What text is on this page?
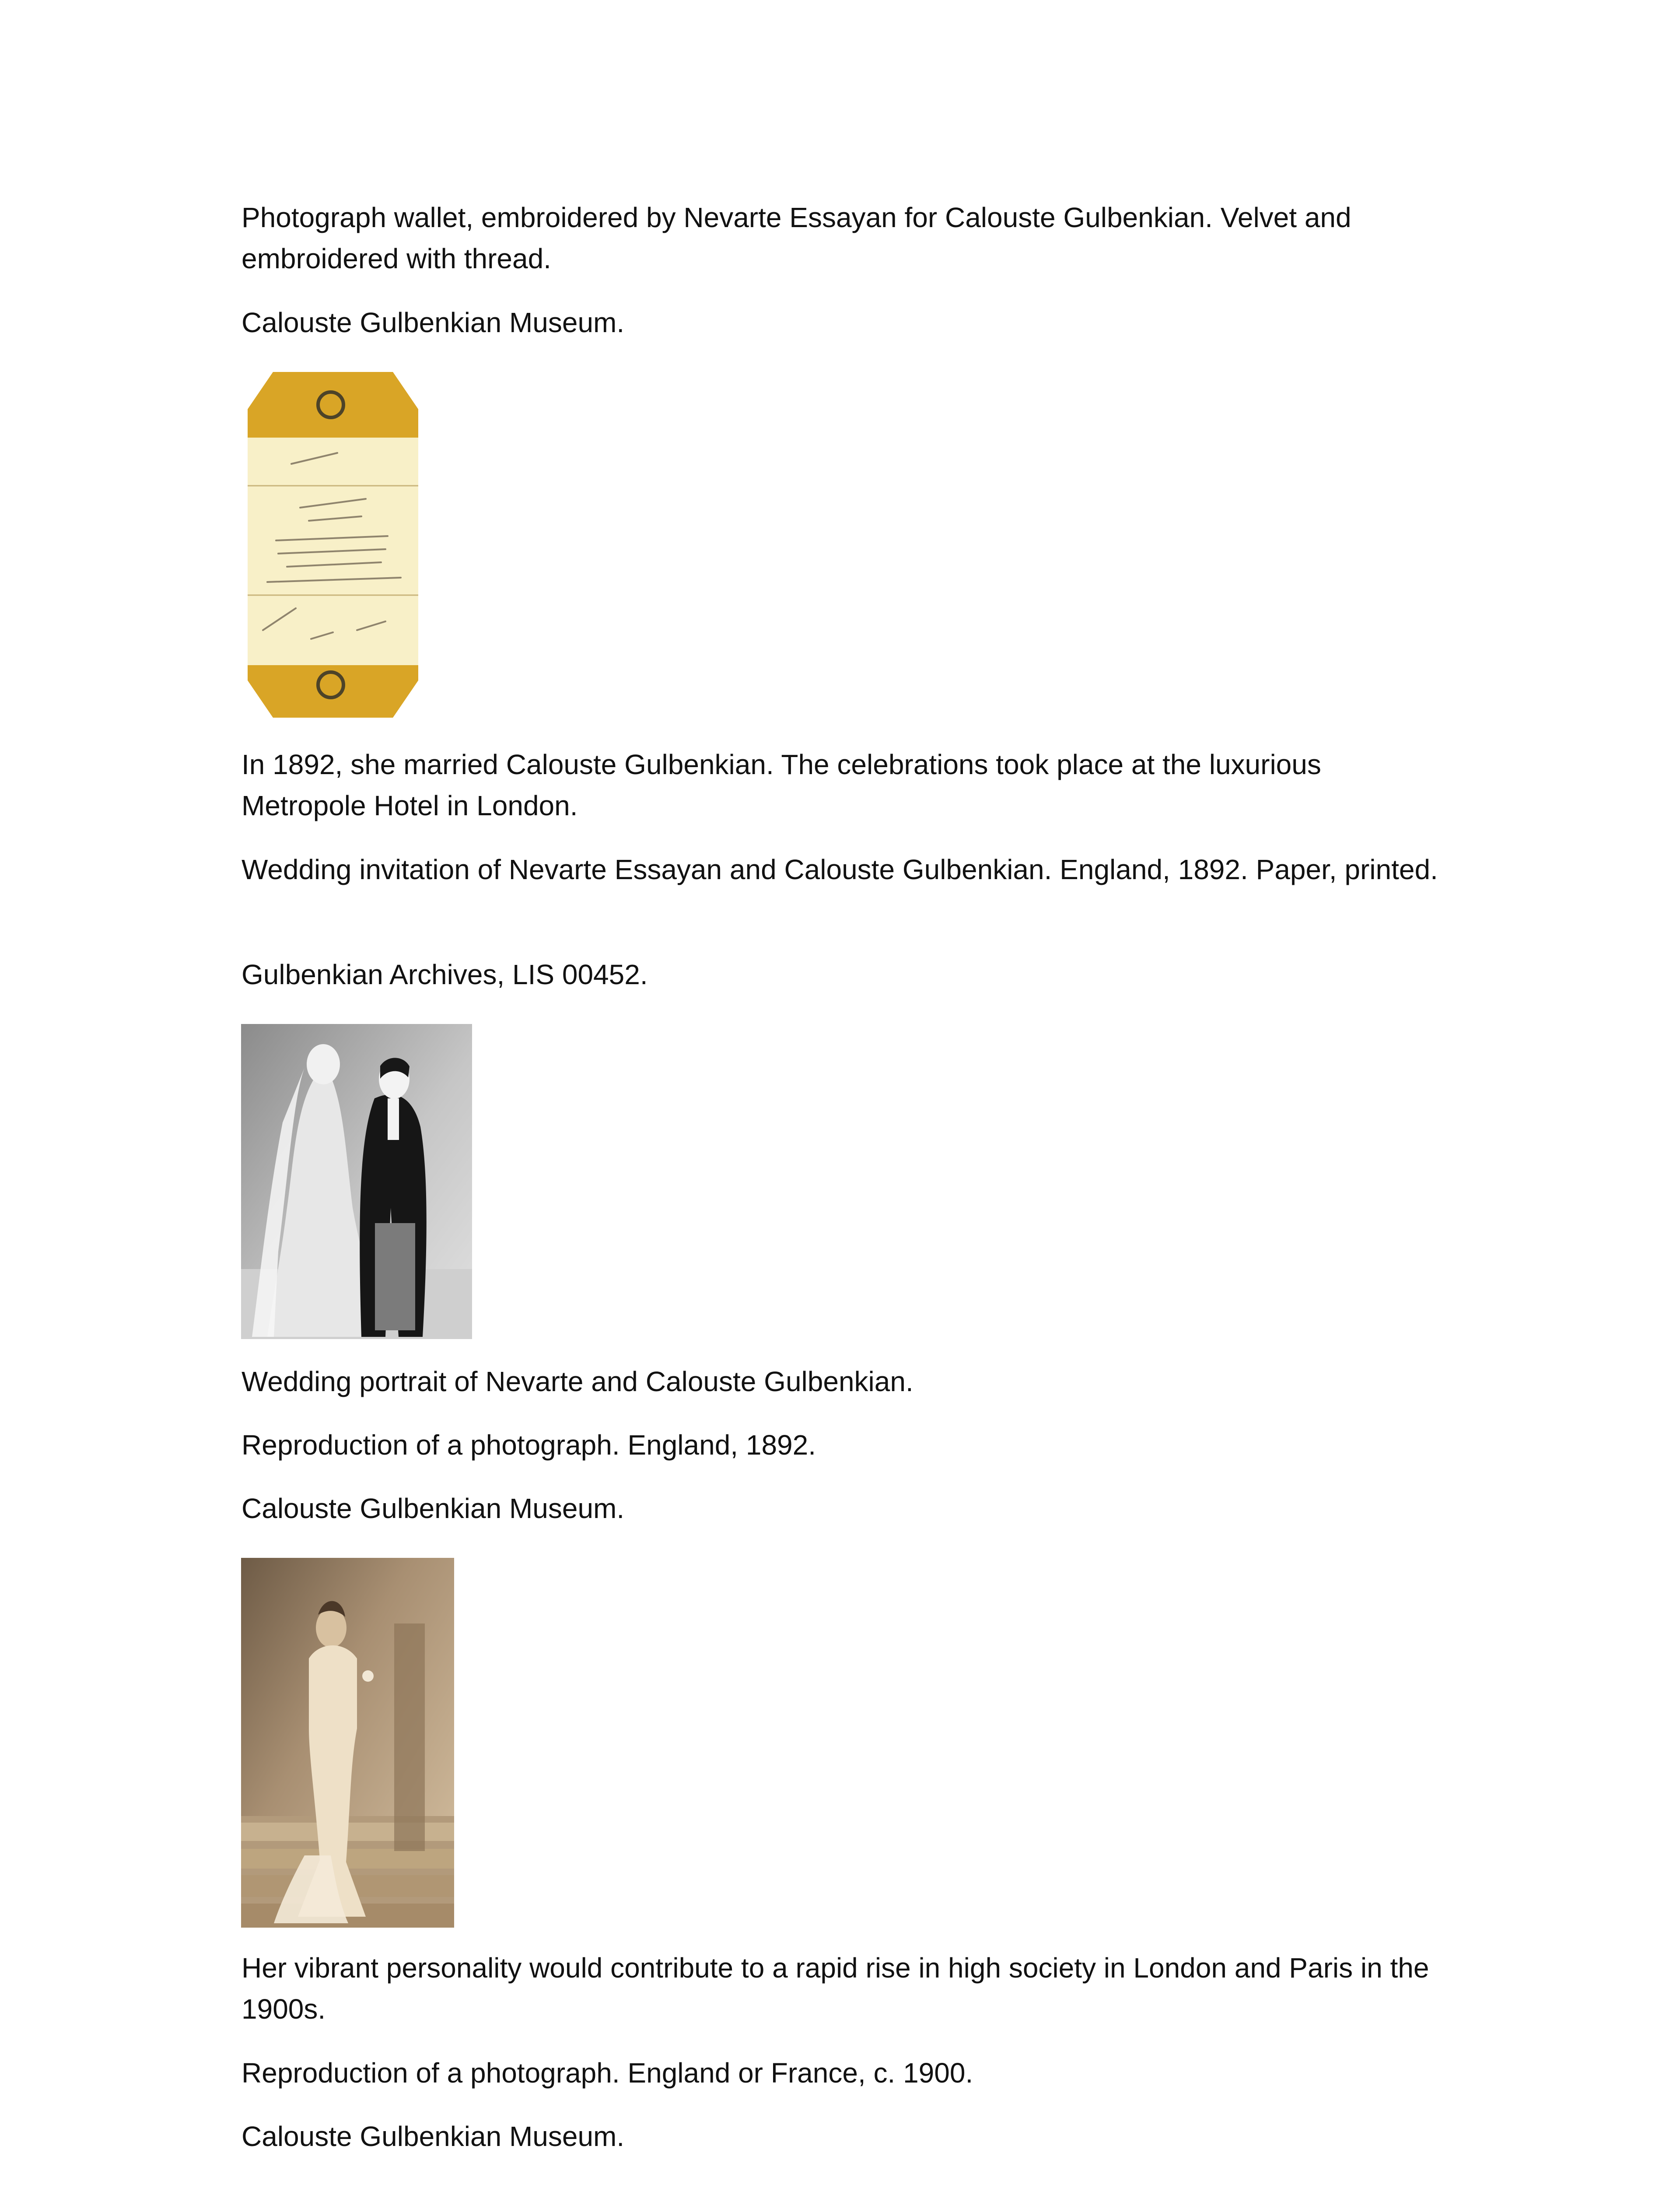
Photograph wallet, embroidered by Nevarte Essayan for Calouste Gulbenkian. Velvet and embroidered with thread.

Calouste Gulbenkian Museum.

In 1892, she married Calouste Gulbenkian. The celebrations took place at the luxurious Metropole Hotel in London.

Wedding invitation of Nevarte Essayan and Calouste Gulbenkian. England, 1892. Paper, printed.

Gulbenkian Archives, LIS 00452.

Wedding portrait of Nevarte and Calouste Gulbenkian.

Reproduction of a photograph. England, 1892.

Calouste Gulbenkian Museum.

Her vibrant personality would contribute to a rapid rise in high society in London and Paris in the 1900s.

Reproduction of a photograph. England or France, c. 1900.

Calouste Gulbenkian Museum.
